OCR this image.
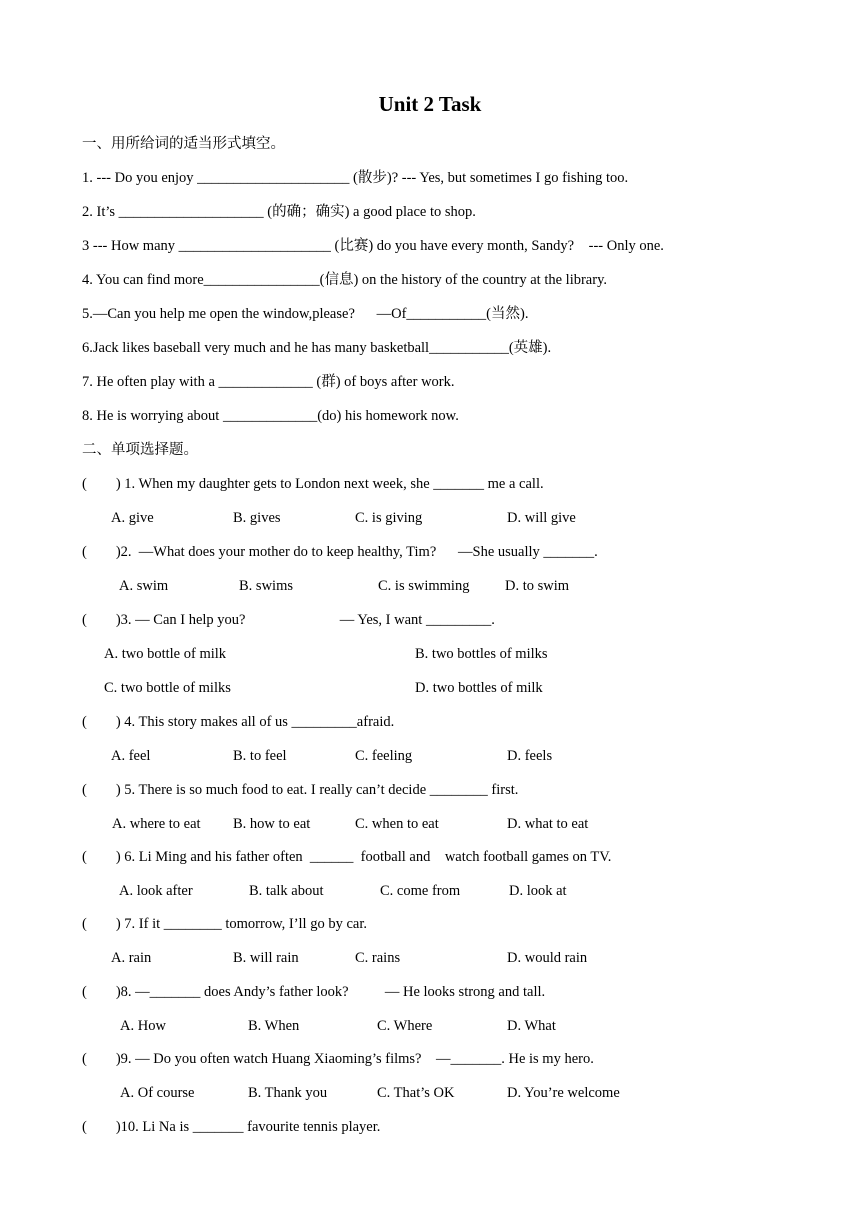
Unit 2 Task
一、用所给词的适当形式填空。
1. --- Do you enjoy _____________________ (散步)? --- Yes, but sometimes I go fishing too.
2. It’s ____________________ (的确；确实) a good place to shop.
3 --- How many _____________________ (比赛) do you have every month, Sandy?    --- Only one.
4. You can find more________________(信息) on the history of the country at the library.
5.—Can you help me open the window,please?      —Of___________(当然).
6.Jack likes baseball very much and he has many basketball___________(英雄).
7. He often play with a _____________ (群) of boys after work.
8. He is worrying about _____________(do) his homework now.
二、单项选择题。
(        ) 1. When my daughter gets to London next week, she _______ me a call.
A. give	B. gives	C. is giving	D. will give
(        )2.  —What does your mother do to keep healthy, Tim?      —She usually _______.
A. swim	B. swims	C. is swimming D. to swim
(        )3. — Can I help you?                          — Yes, I want _________.
A. two bottle of milk	B. two bottles of milks
C. two bottle of milks	D. two bottles of milk
(        ) 4. This story makes all of us _________afraid.
A. feel	B. to feel	C. feeling	D. feels
(        ) 5. There is so much food to eat. I really can’t decide ________ first.
A. where to eat B. how to eat	C. when to eat	D. what to eat
(        ) 6. Li Ming and his father often  ______  football and    watch football games on TV.
A. look after	B. talk about	C. come from	D. look at
(        ) 7. If it ________ tomorrow, I’ll go by car.
A. rain	B. will rain	C. rains	D. would rain
(        )8. —_______ does Andy’s father look?          — He looks strong and tall.
A. How	B. When	C. Where	D. What
(        )9. — Do you often watch Huang Xiaoming’s films?    —_______. He is my hero.
A. Of course	B. Thank you	C. That’s OK	D. You’re welcome
(        )10. Li Na is _______ favourite tennis player.
